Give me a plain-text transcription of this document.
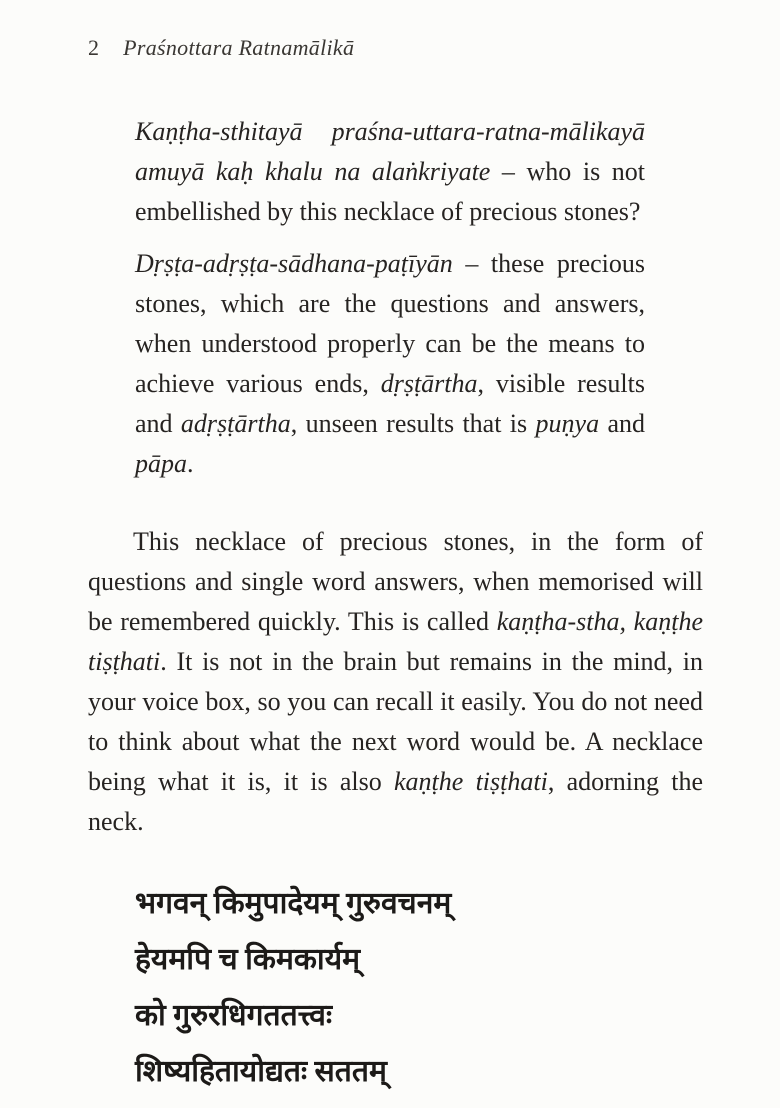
2 Praśnottara Ratnamālikā

Kaṇṭha-sthitayā praśna-uttara-ratna-mālikayā amuyā kaḥ khalu na alaṅkriyate – who is not embellished by this necklace of precious stones?

Dṛṣṭa-adṛṣṭa-sādhana-paṭīyān – these precious stones, which are the questions and answers, when understood properly can be the means to achieve various ends, dṛṣṭārtha, visible results and adṛṣṭārtha, unseen results that is puṇya and pāpa.

This necklace of precious stones, in the form of questions and single word answers, when memorised will be remembered quickly. This is called kaṇṭha-stha, kaṇṭhe tiṣṭhati. It is not in the brain but remains in the mind, in your voice box, so you can recall it easily. You do not need to think about what the next word would be. A necklace being what it is, it is also kaṇṭhe tiṣṭhati, adorning the neck.

भगवन् किमुपादेयम् गुरुवचनम्
हेयमपि च किमकार्यम्
को गुरुरधिगततत्त्वः
शिष्यहितायोद्यतः सततम्
